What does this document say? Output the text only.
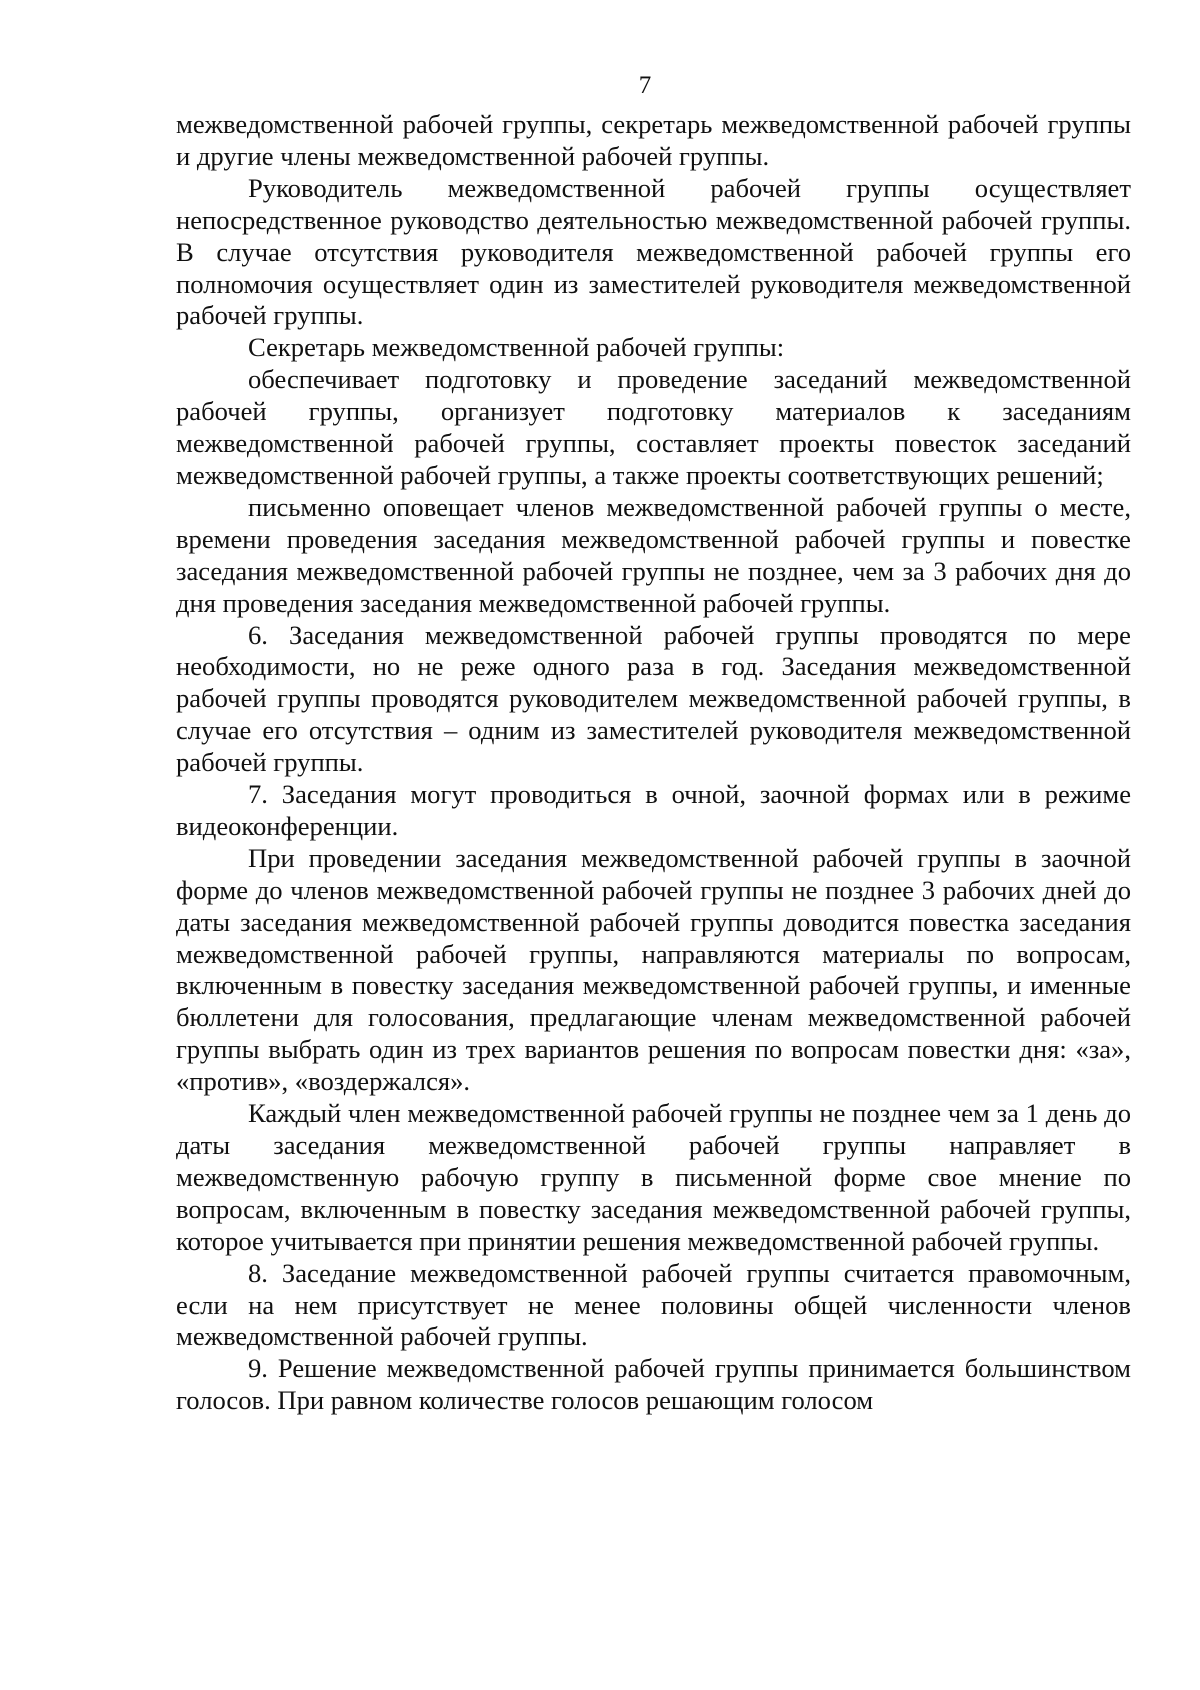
7

межведомственной рабочей группы, секретарь межведомственной рабочей группы и другие члены межведомственной рабочей группы.

Руководитель межведомственной рабочей группы осуществляет непосредственное руководство деятельностью межведомственной рабочей группы. В случае отсутствия руководителя межведомственной рабочей группы его полномочия осуществляет один из заместителей руководителя межведомственной рабочей группы.

Секретарь межведомственной рабочей группы:

обеспечивает подготовку и проведение заседаний межведомственной рабочей группы, организует подготовку материалов к заседаниям межведомственной рабочей группы, составляет проекты повесток заседаний межведомственной рабочей группы, а также проекты соответствующих решений;

письменно оповещает членов межведомственной рабочей группы о месте, времени проведения заседания межведомственной рабочей группы и повестке заседания межведомственной рабочей группы не позднее, чем за 3 рабочих дня до дня проведения заседания межведомственной рабочей группы.

6. Заседания межведомственной рабочей группы проводятся по мере необходимости, но не реже одного раза в год. Заседания межведомственной рабочей группы проводятся руководителем межведомственной рабочей группы, в случае его отсутствия – одним из заместителей руководителя межведомственной рабочей группы.

7. Заседания могут проводиться в очной, заочной формах или в режиме видеоконференции.

При проведении заседания межведомственной рабочей группы в заочной форме до членов межведомственной рабочей группы не позднее 3 рабочих дней до даты заседания межведомственной рабочей группы доводится повестка заседания межведомственной рабочей группы, направляются материалы по вопросам, включенным в повестку заседания межведомственной рабочей группы, и именные бюллетени для голосования, предлагающие членам межведомственной рабочей группы выбрать один из трех вариантов решения по вопросам повестки дня: «за», «против», «воздержался».

Каждый член межведомственной рабочей группы не позднее чем за 1 день до даты заседания межведомственной рабочей группы направляет в межведомственную рабочую группу в письменной форме свое мнение по вопросам, включенным в повестку заседания межведомственной рабочей группы, которое учитывается при принятии решения межведомственной рабочей группы.

8. Заседание межведомственной рабочей группы считается правомочным, если на нем присутствует не менее половины общей численности членов межведомственной рабочей группы.

9. Решение межведомственной рабочей группы принимается большинством голосов. При равном количестве голосов решающим голосом
